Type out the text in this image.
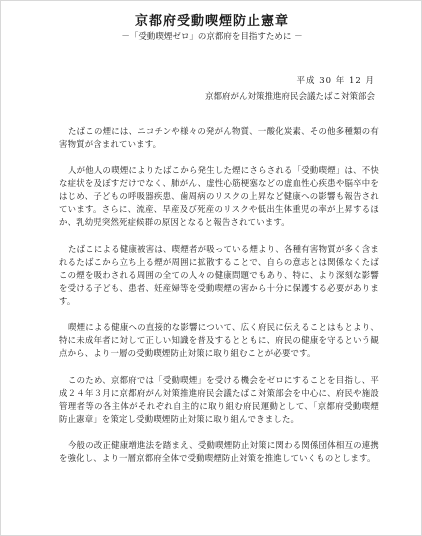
京都府受動喫煙防止憲章
－「受動喫煙ゼロ」の京都府を目指すために －
平成 30 年 12 月
京都府がん対策推進府民会議たばこ対策部会

たばこの煙には、ニコチンや様々の発がん物質、一酸化炭素、その他多種類の有害物質が含まれています。

人が他人の喫煙によりたばこから発生した煙にさらされる「受動喫煙」は、不快な症状を及ぼすだけでなく、肺がん、虚性心筋梗塞などの虚血性心疾患や脳卒中をはじめ、子どもの呼吸器疾患、歯周病のリスクの上昇など健康への影響も報告されています。さらに、流産、早産及び死産のリスクや低出生体重児の率が上昇するほか、乳幼児突然死症候群の原因となると報告されています。

たばこによる健康被害は、喫煙者が吸っている煙より、各種有害物質が多く含まれるたばこから立ち上る煙が周囲に拡散することで、自らの意志とは関係なくたばこの煙を吸わされる周囲の全ての人々の健康問題でもあり、特に、より深刻な影響を受ける子ども、患者、妊産婦等を受動喫煙の害から十分に保護する必要があります。

喫煙による健康への直接的な影響について、広く府民に伝えることはもとより、特に未成年者に対して正しい知識を普及するとともに、府民の健康を守るという観点から、より一層の受動喫煙防止対策に取り組むことが必要です。

このため、京都府では「受動喫煙」を受ける機会をゼロにすることを目指し、平成２４年３月に京都府がん対策推進府民会議たばこ対策部会を中心に、府民や施設管理者等の各主体がそれぞれ自主的に取り組む府民運動として、「京都府受動喫煙防止憲章」を策定し受動喫煙防止対策に取り組んできました。

今般の改正健康増進法を踏まえ、受動喫煙防止対策に関わる関係団体相互の連携を強化し、より一層京都府全体で受動喫煙防止対策を推進していくものとします。
